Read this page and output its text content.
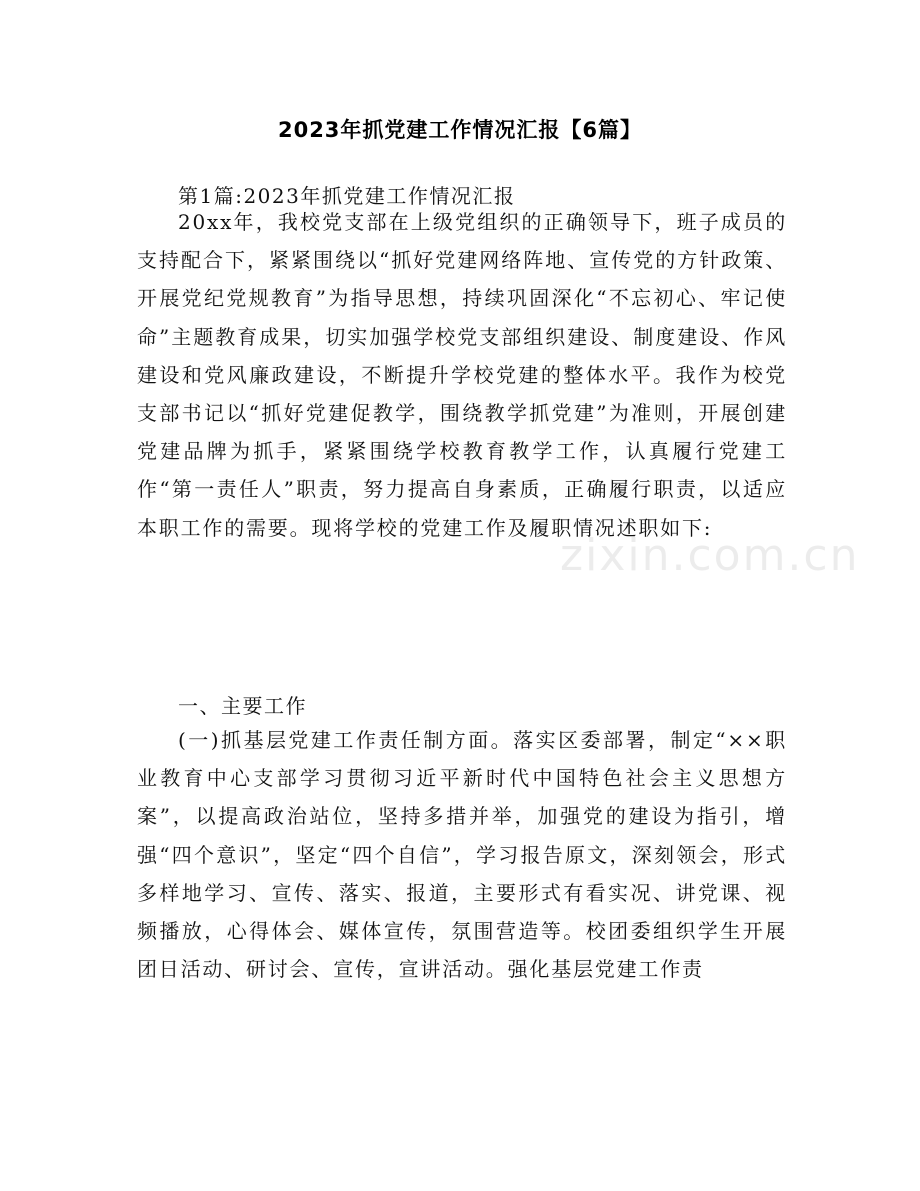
zixin.com.cn
2023年抓党建工作情况汇报【6篇】
第1篇:2023年抓党建工作情况汇报

20xx年，我校党支部在上级党组织的正确领导下，班子成员的支持配合下，紧紧围绕以“抓好党建网络阵地、宣传党的方针政策、开展党纪党规教育”为指导思想，持续巩固深化“不忘初心、牢记使命”主题教育成果，切实加强学校党支部组织建设、制度建设、作风建设和党风廉政建设，不断提升学校党建的整体水平。我作为校党支部书记以“抓好党建促教学，围绕教学抓党建”为准则，开展创建党建品牌为抓手，紧紧围绕学校教育教学工作，认真履行党建工作“第一责任人”职责，努力提高自身素质，正确履行职责，以适应本职工作的需要。现将学校的党建工作及履职情况述职如下:

一、主要工作

(一)抓基层党建工作责任制方面。落实区委部署，制定“××职业教育中心支部学习贯彻习近平新时代中国特色社会主义思想方案”，以提高政治站位，坚持多措并举，加强党的建设为指引，增强“四个意识”，坚定“四个自信”，学习报告原文，深刻领会，形式多样地学习、宣传、落实、报道，主要形式有看实况、讲党课、视频播放，心得体会、媒体宣传，氛围营造等。校团委组织学生开展团日活动、研讨会、宣传，宣讲活动。强化基层党建工作责
